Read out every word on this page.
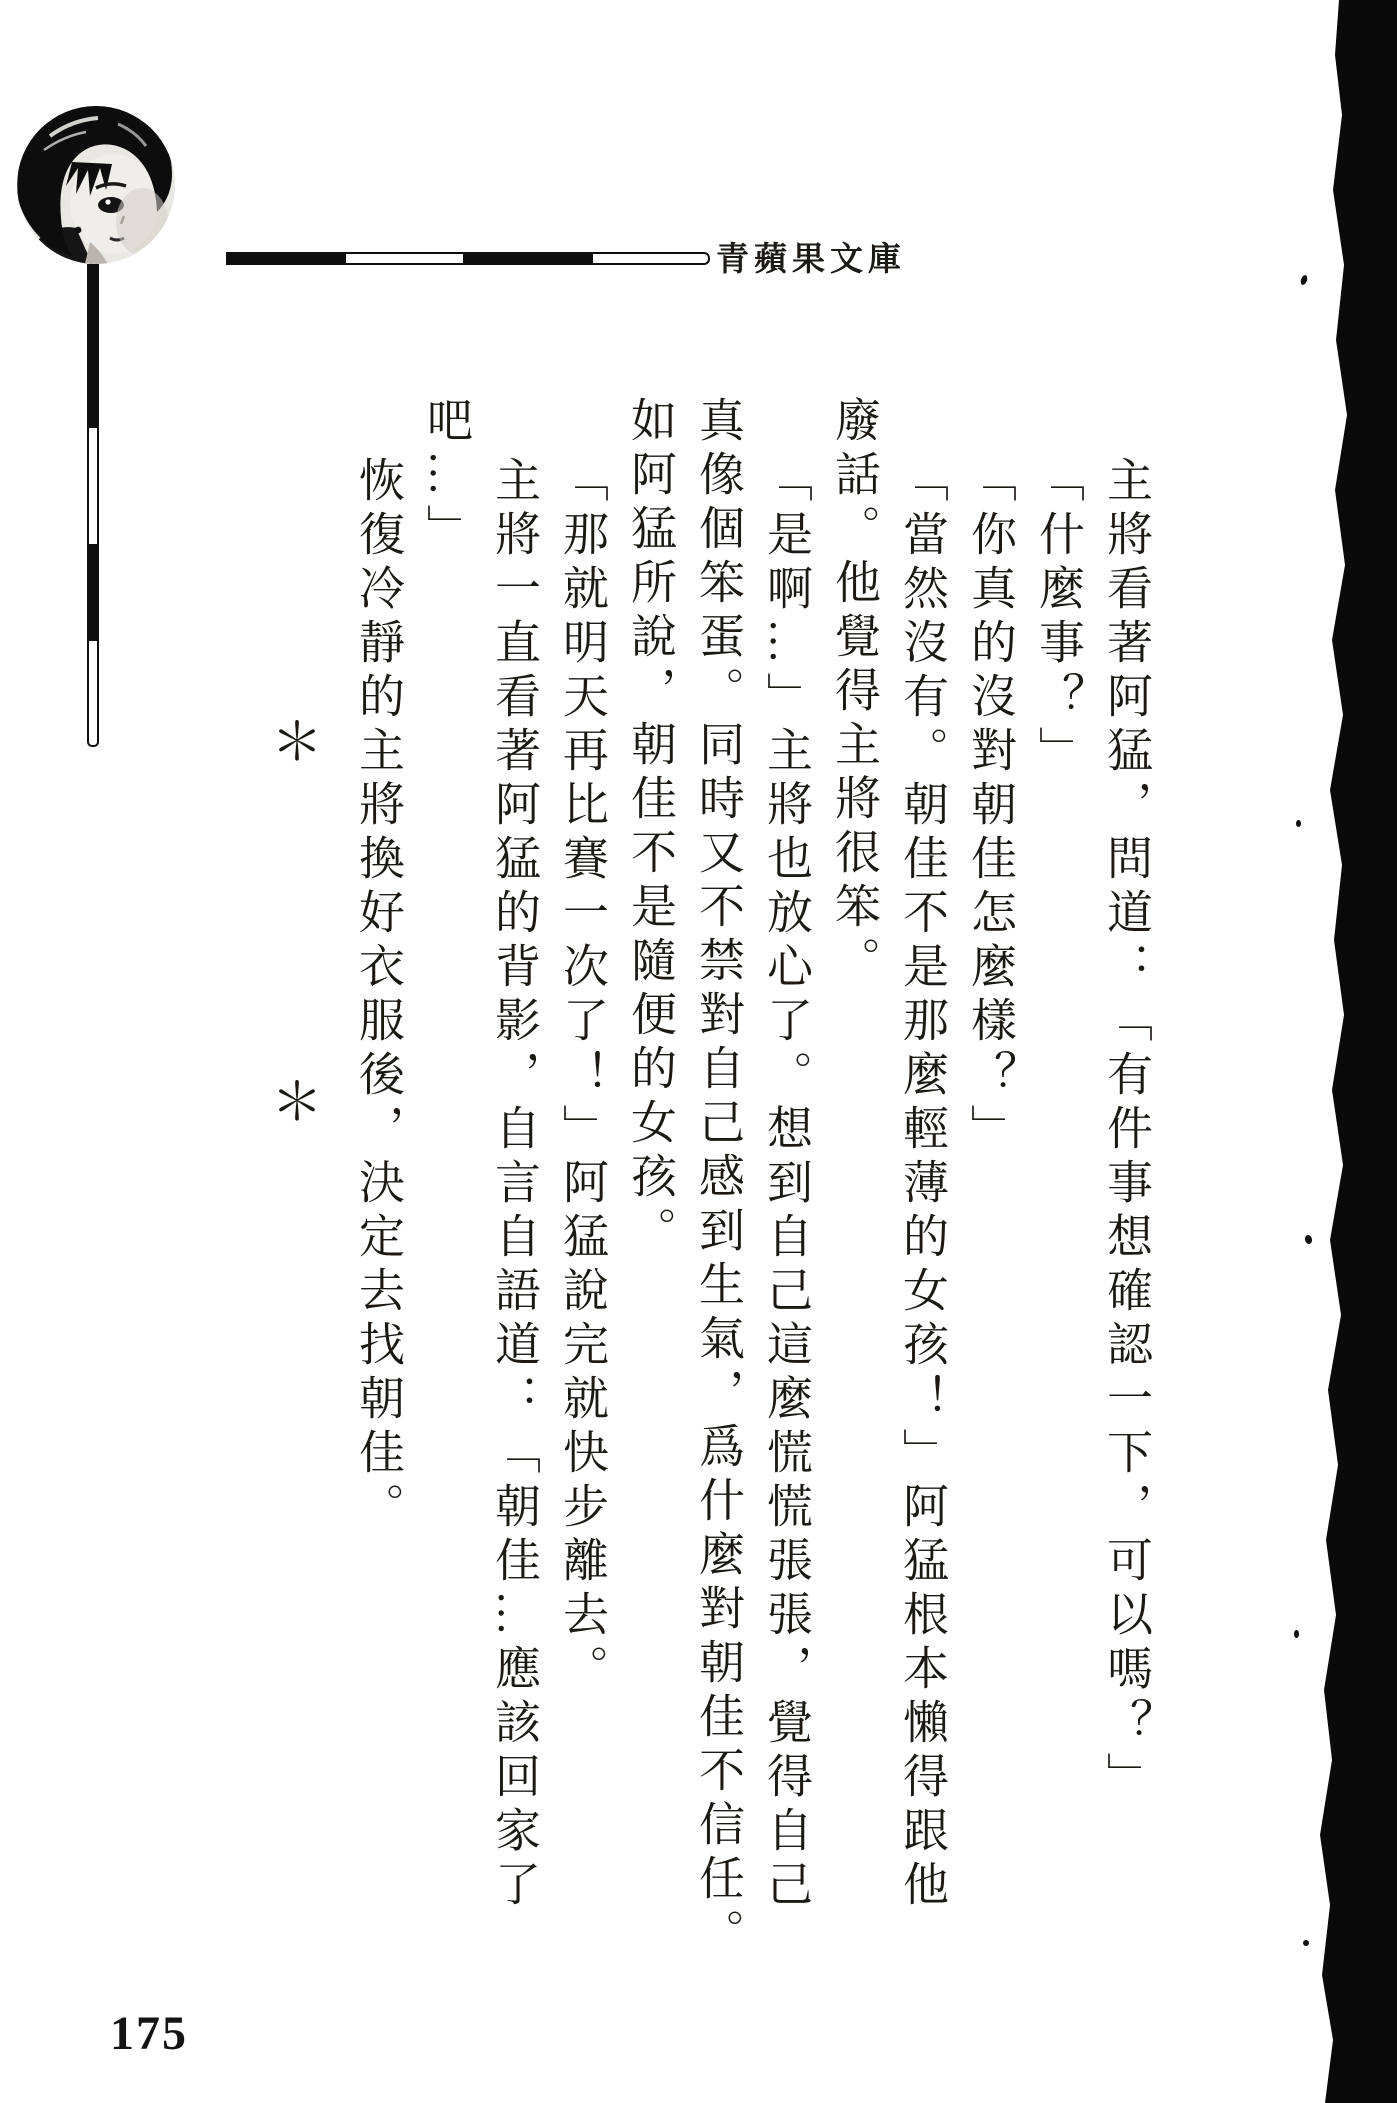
青蘋果文庫

主將看著阿猛，問道：「有件事想確認一下，可以嗎？」

「什麼事？」

「你真的沒對朝佳怎麼樣？」

「當然沒有。朝佳不是那麼輕薄的女孩！」阿猛根本懶得跟他廢話。他覺得主將很笨。

「是啊…」主將也放心了。想到自己這麼慌慌張張，覺得自己真像個笨蛋。同時又不禁對自己感到生氣，爲什麼對朝佳不信任。如阿猛所說，朝佳不是隨便的女孩。

「那就明天再比賽一次了！」阿猛說完就快步離去。

主將一直看著阿猛的背影，自言自語道：「朝佳…應該回家了吧…」

恢復冷靜的主將換好衣服後，決定去找朝佳。

＊
＊
175
